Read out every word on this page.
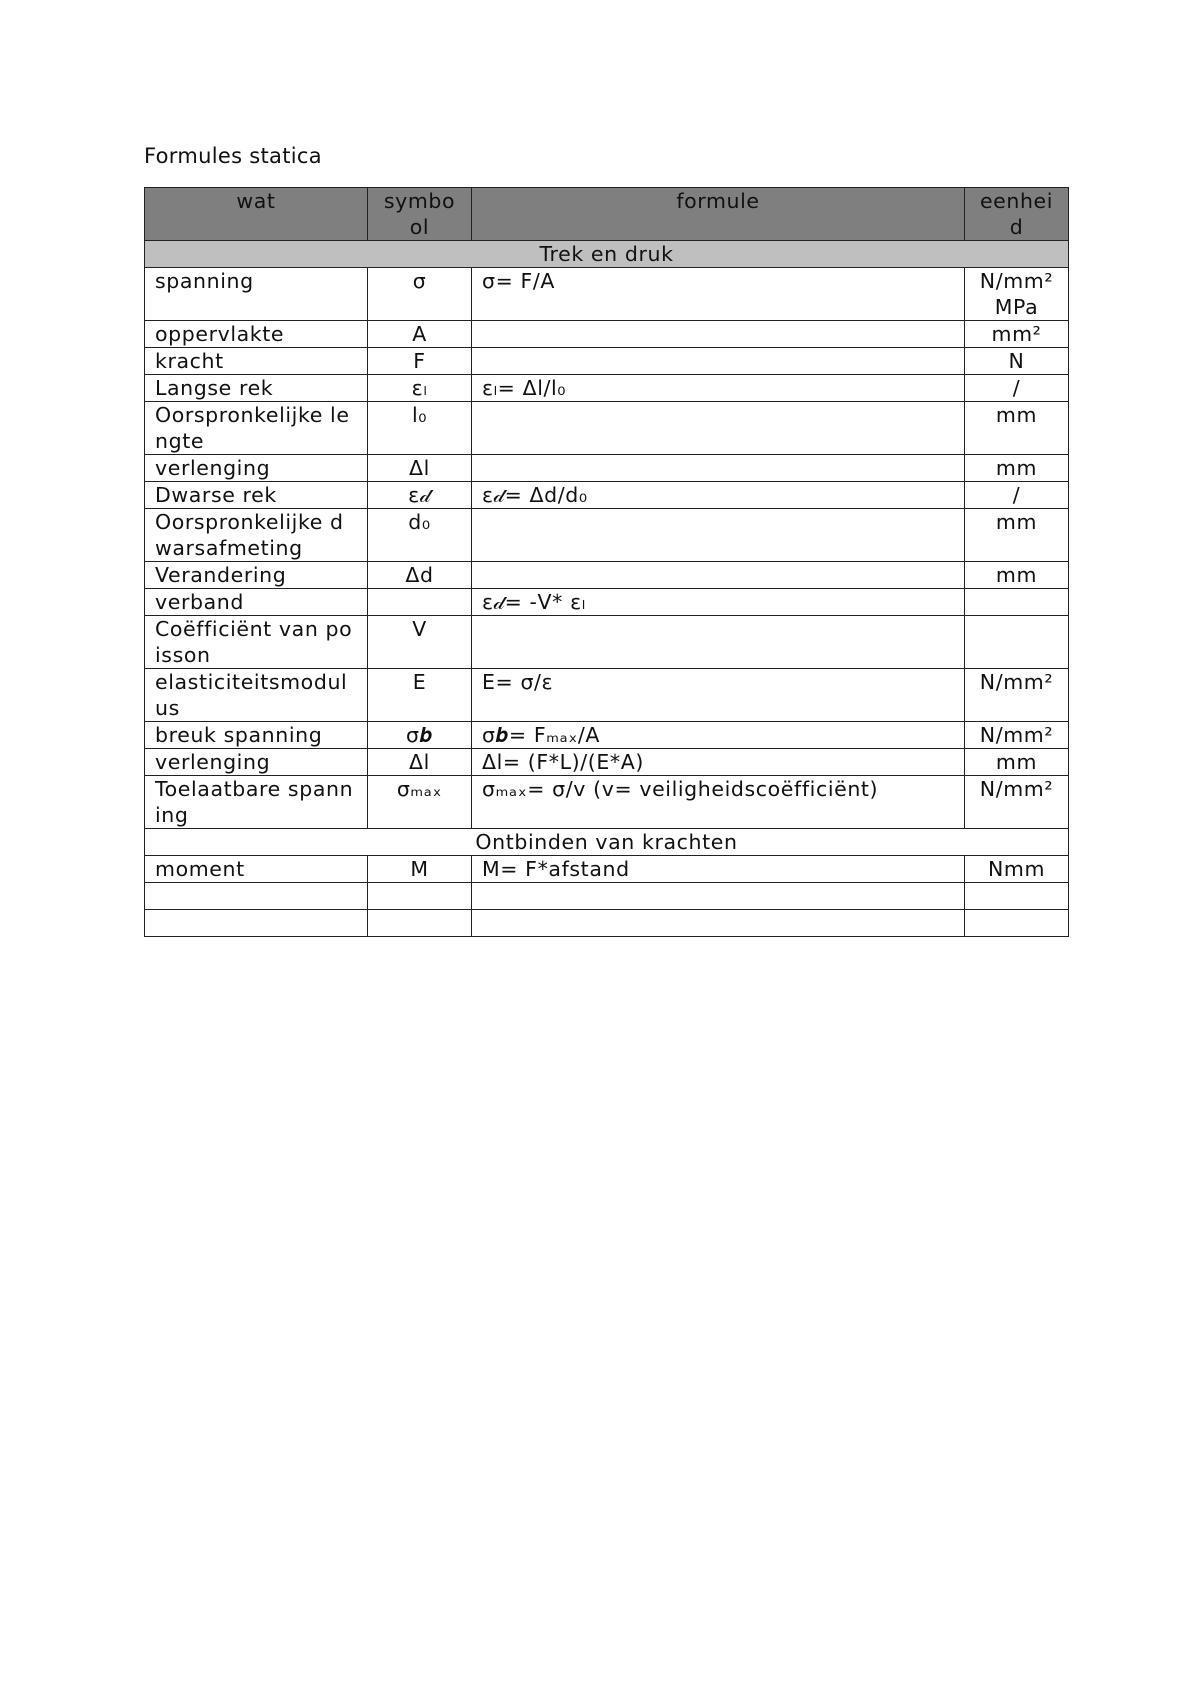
Formules statica
wat	symbool	formule	eenheid
Trek en druk			
spanning	σ	σ= F/A	N/mm²
MPa
oppervlakte	A		mm²
kracht	F		N
Langse rek	εₗ	εₗ= Δl/l₀	/
Oorspronkelijke lengte	l₀		mm
verlenging	Δl		mm
Dwarse rek	ε𝒹	ε𝒹= Δd/d₀	/
Oorspronkelijke dwarsafmeting	d₀		mm
Verandering	Δd		mm
verband		ε𝒹= -V* εₗ	
Coëfficiënt van poisson	V		
elasticiteitsmodulus	E	E= σ/ε	N/mm²
breuk spanning	σ𝒃	σ𝒃= Fₘₐₓ/A	N/mm²
verlenging	Δl	Δl= (F*L)/(E*A)	mm
Toelaatbare spanning	σₘₐₓ	σₘₐₓ= σ/v (v= veiligheidscoëfficiënt)	N/mm²
Ontbinden van krachten			
moment	M	M= F*afstand	Nmm
